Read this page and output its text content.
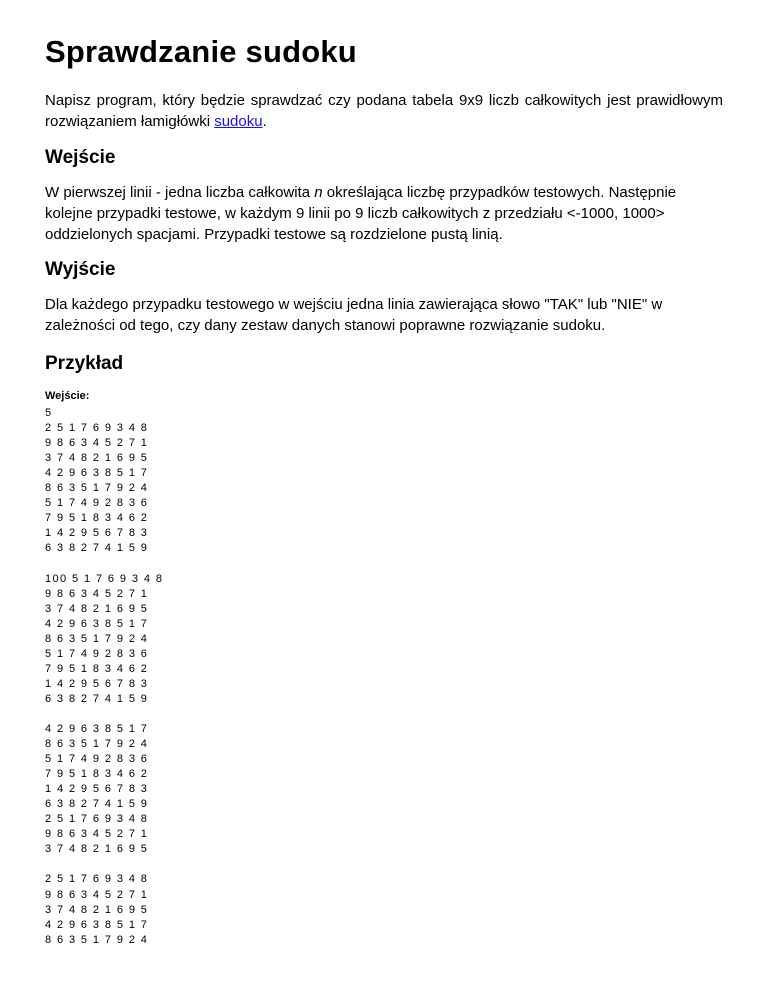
Sprawdzanie sudoku

Napisz program, który będzie sprawdzać czy podana tabela 9x9 liczb całkowitych jest prawidłowym rozwiązaniem łamigłówki sudoku.

Wejście

W pierwszej linii - jedna liczba całkowita n określająca liczbę przypadków testowych. Następnie kolejne przypadki testowe, w każdym 9 linii po 9 liczb całkowitych z przedziału <-1000, 1000> oddzielonych spacjami. Przypadki testowe są rozdzielone pustą linią.

Wyjście

Dla każdego przypadku testowego w wejściu jedna linia zawierająca słowo "TAK" lub "NIE" w zależności od tego, czy dany zestaw danych stanowi poprawne rozwiązanie sudoku.

Przykład

Wejście:

5
2 5 1 7 6 9 3 4 8
9 8 6 3 4 5 2 7 1
3 7 4 8 2 1 6 9 5
4 2 9 6 3 8 5 1 7
8 6 3 5 1 7 9 2 4
5 1 7 4 9 2 8 3 6
7 9 5 1 8 3 4 6 2
1 4 2 9 5 6 7 8 3
6 3 8 2 7 4 1 5 9
100 5 1 7 6 9 3 4 8
9 8 6 3 4 5 2 7 1
3 7 4 8 2 1 6 9 5
4 2 9 6 3 8 5 1 7
8 6 3 5 1 7 9 2 4
5 1 7 4 9 2 8 3 6
7 9 5 1 8 3 4 6 2
1 4 2 9 5 6 7 8 3
6 3 8 2 7 4 1 5 9
4 2 9 6 3 8 5 1 7
8 6 3 5 1 7 9 2 4
5 1 7 4 9 2 8 3 6
7 9 5 1 8 3 4 6 2
1 4 2 9 5 6 7 8 3
6 3 8 2 7 4 1 5 9
2 5 1 7 6 9 3 4 8
9 8 6 3 4 5 2 7 1
3 7 4 8 2 1 6 9 5
2 5 1 7 6 9 3 4 8
9 8 6 3 4 5 2 7 1
3 7 4 8 2 1 6 9 5
4 2 9 6 3 8 5 1 7
8 6 3 5 1 7 9 2 4
